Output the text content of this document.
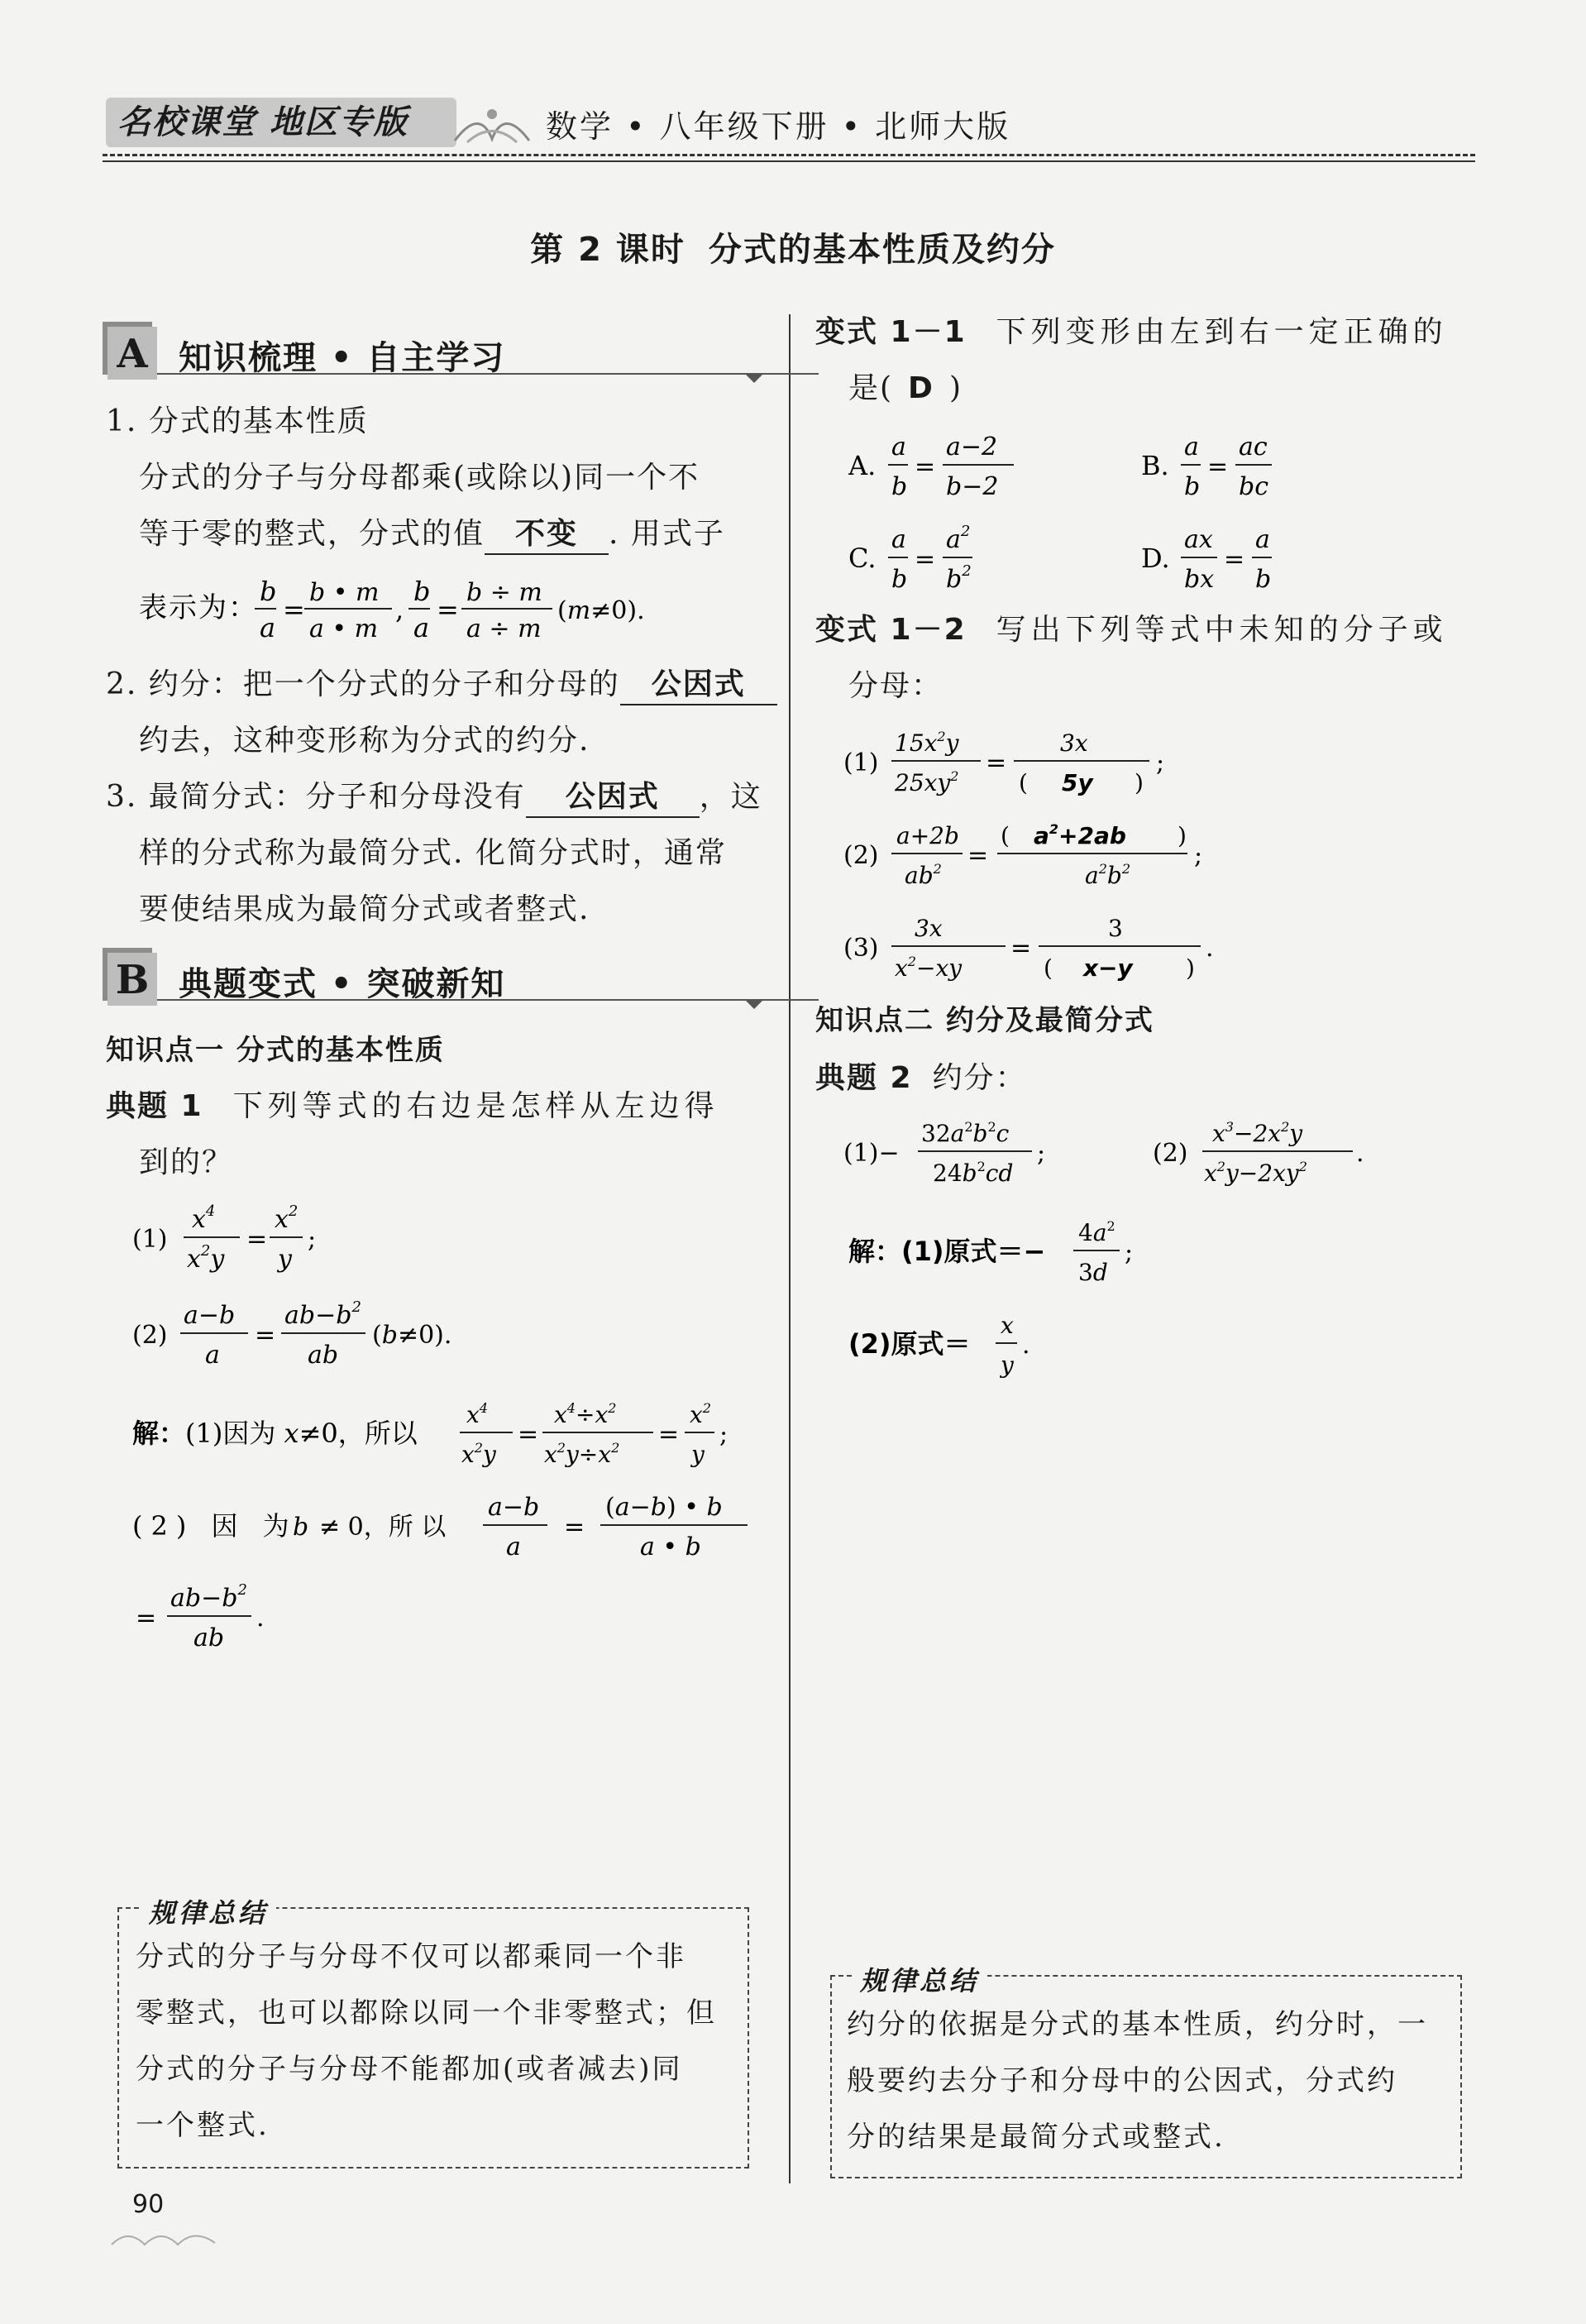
名校课堂 地区专版	数学 • 八年级下册 • 北师大版
第 2 课时 分式的基本性质及约分
A 知识梳理 • 自主学习
1. 分式的基本性质
分式的分子与分母都乘(或除以)同一个不
等于零的整式，分式的值 不变 . 用式子
表示为： b
a
=
b • m
a • m
,
b
a
=
b ÷ m
a ÷ m
(m≠0).
2. 约分：把一个分式的分子和分母的 公因式
约去，这种变形称为分式的约分.
3. 最简分式：分子和分母没有 公因式 ，这
样的分式称为最简分式. 化简分式时，通常
要使结果成为最简分式或者整式.
B 典题变式 • 突破新知
知识点一 分式的基本性质
典题 1 下列等式的右边是怎样从左边得
到的？
(1)
$x^4$
$x^2y$
=
$x^2$
y
;
(2)
a−b
a
=
$ab-b^2$
ab
(b≠0).
解： (1)因为 x≠0，所以
$x^4$
$x^2y$
=
$x^4\div x^2$
$x^2y\div x^2$ =
$x^2$
y
;
(2) 因 为
b ≠ 0，所 以
a−b
a
=
(a−b) • b
a • b
=
$ab-b^2$
ab
.
规律总结
分式的分子与分母不仅可以都乘同一个非
零整式，也可以都除以同一个非零整式；但
分式的分子与分母不能都加(或者减去)同
一个整式.
变式 1－1 下列变形由左到右一定正确的
是( D )
A.
a
b
=
a−2
b−2
B.
a
b
=
ac
bc
C.
a
b
=
$a^2$
$b^2$	D.
ax
bx
=
a
b
变式 1－2 写出下列等式中未知的分子或
分母：
(1)
$15x^2y$
$25xy^2$ =
3x
( 5y )
;
(2)
a+2b
$ab^2$ =
( $a^2+2ab$ )
$a^2b^2$	;
(3)
3x
$x^2-xy$
=
3
( x−y )
.
知识点二 约分及最简分式
典题 2 约分：
(1)−
$32a^2b^2c$
$24b^2cd$
;	(2)
$x^3-2x^2y$
$x^2y-2xy^2$ .
解：(1)原式＝−
$4a^2$
3d
;
(2)原式＝
x
y
.
规律总结
约分的依据是分式的基本性质，约分时，一
般要约去分子和分母中的公因式，分式约
分的结果是最简分式或整式.
90
